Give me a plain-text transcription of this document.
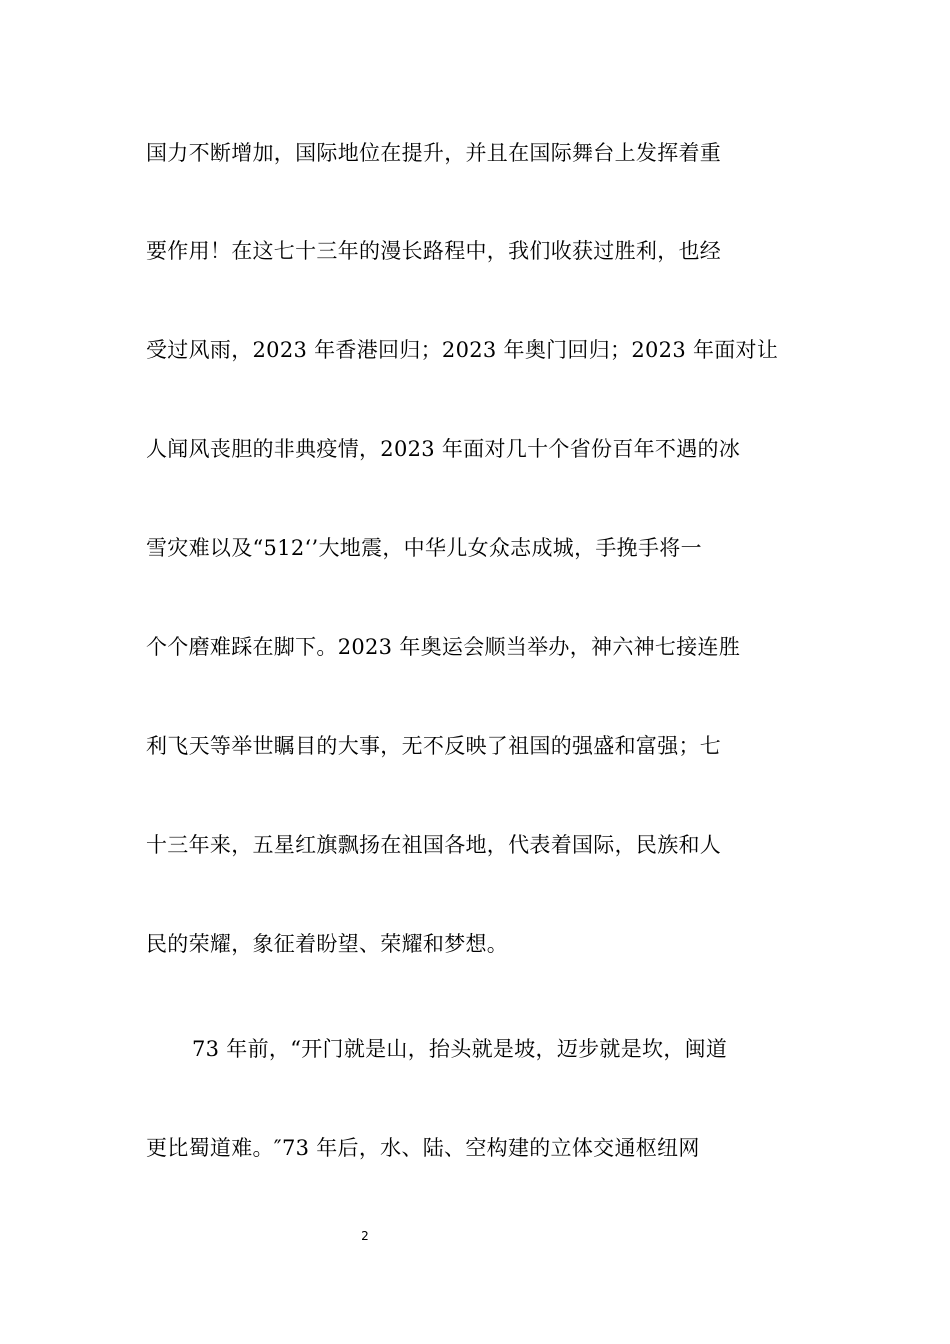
国力不断增加，国际地位在提升，并且在国际舞台上发挥着重
要作用！在这七十三年的漫长路程中，我们收获过胜利，也经
受过风雨，2023 年香港回归；2023 年奥门回归；2023 年面对让
人闻风丧胆的非典疫情，2023 年面对几十个省份百年不遇的冰
雪灾难以及“512‘’大地震，中华儿女众志成城，手挽手将一
个个磨难踩在脚下。2023 年奥运会顺当举办，神六神七接连胜
利飞天等举世瞩目的大事，无不反映了祖国的强盛和富强；七
十三年来，五星红旗飘扬在祖国各地，代表着国际，民族和人
民的荣耀，象征着盼望、荣耀和梦想。
73 年前，“开门就是山，抬头就是坡，迈步就是坎，闽道
更比蜀道难。″73 年后，水、陆、空构建的立体交通枢纽网
2
